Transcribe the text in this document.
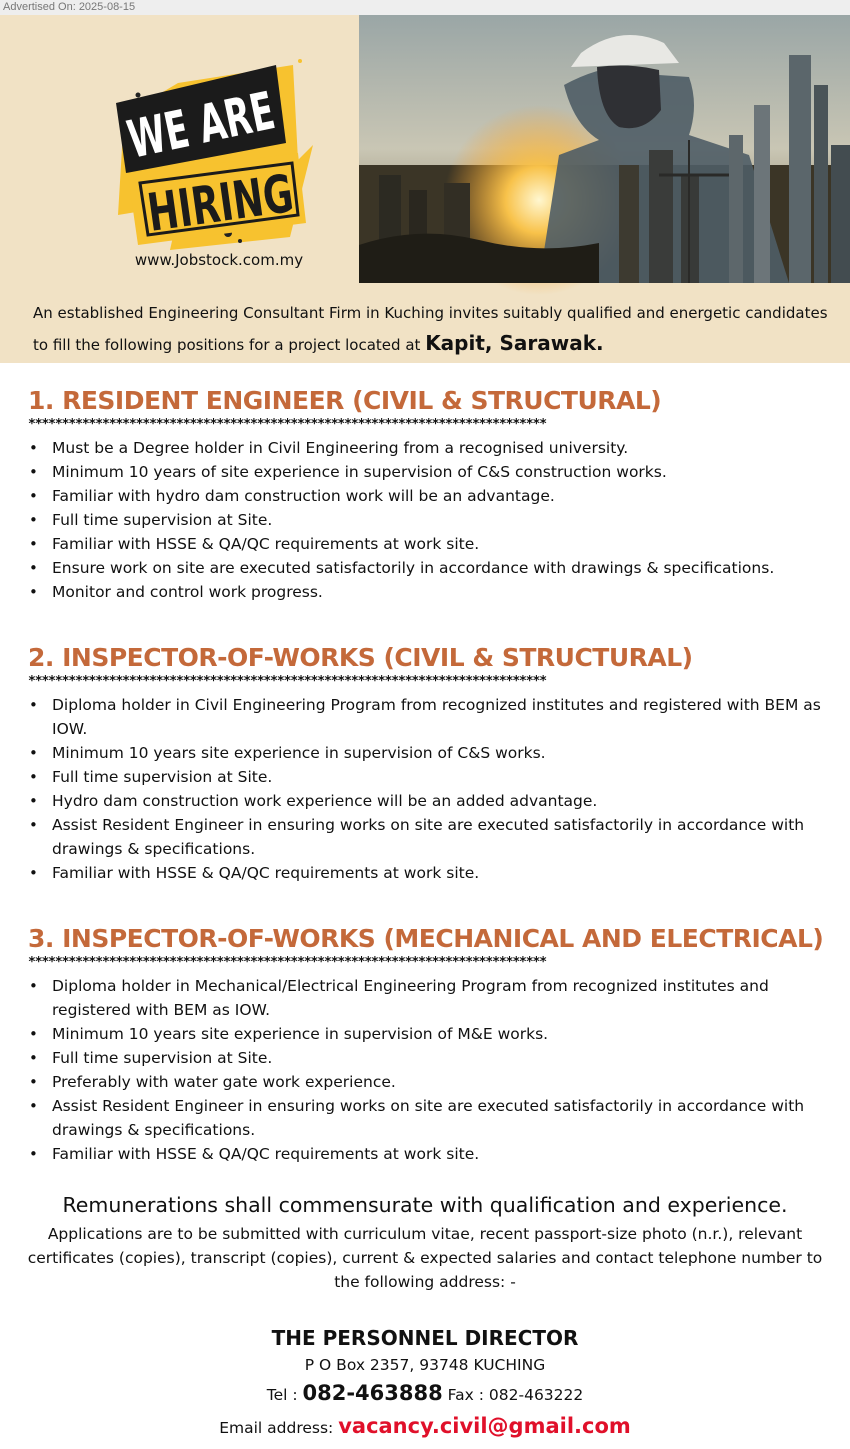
Advertised On: 2025-08-15
WE ARE
HIRING
www.Jobstock.com.my
An established Engineering Consultant Firm in Kuching invites suitably qualified and energetic candidates to fill the following positions for a project located at Kapit, Sarawak.
1. RESIDENT ENGINEER (CIVIL & STRUCTURAL)
*****************************************************************************
• Must be a Degree holder in Civil Engineering from a recognised university.
• Minimum 10 years of site experience in supervision of C&S construction works.
• Familiar with hydro dam construction work will be an advantage.
• Full time supervision at Site.
• Familiar with HSSE & QA/QC requirements at work site.
• Ensure work on site are executed satisfactorily in accordance with drawings & specifications.
• Monitor and control work progress.
2. INSPECTOR-OF-WORKS (CIVIL & STRUCTURAL)
*****************************************************************************
• Diploma holder in Civil Engineering Program from recognized institutes and registered with BEM as IOW.
• Minimum 10 years site experience in supervision of C&S works.
• Full time supervision at Site.
• Hydro dam construction work experience will be an added advantage.
• Assist Resident Engineer in ensuring works on site are executed satisfactorily in accordance with drawings & specifications.
• Familiar with HSSE & QA/QC requirements at work site.
3. INSPECTOR-OF-WORKS (MECHANICAL AND ELECTRICAL)
*****************************************************************************
• Diploma holder in Mechanical/Electrical Engineering Program from recognized institutes and registered with BEM as IOW.
• Minimum 10 years site experience in supervision of M&E works.
• Full time supervision at Site.
• Preferably with water gate work experience.
• Assist Resident Engineer in ensuring works on site are executed satisfactorily in accordance with drawings & specifications.
• Familiar with HSSE & QA/QC requirements at work site.
Remunerations shall commensurate with qualification and experience.
Applications are to be submitted with curriculum vitae, recent passport-size photo (n.r.), relevant certificates (copies), transcript (copies), current & expected salaries and contact telephone number to the following address: -
THE PERSONNEL DIRECTOR
P O Box 2357, 93748 KUCHING
Tel : 082-463888 Fax : 082-463222
Email address: vacancy.civil@gmail.com
